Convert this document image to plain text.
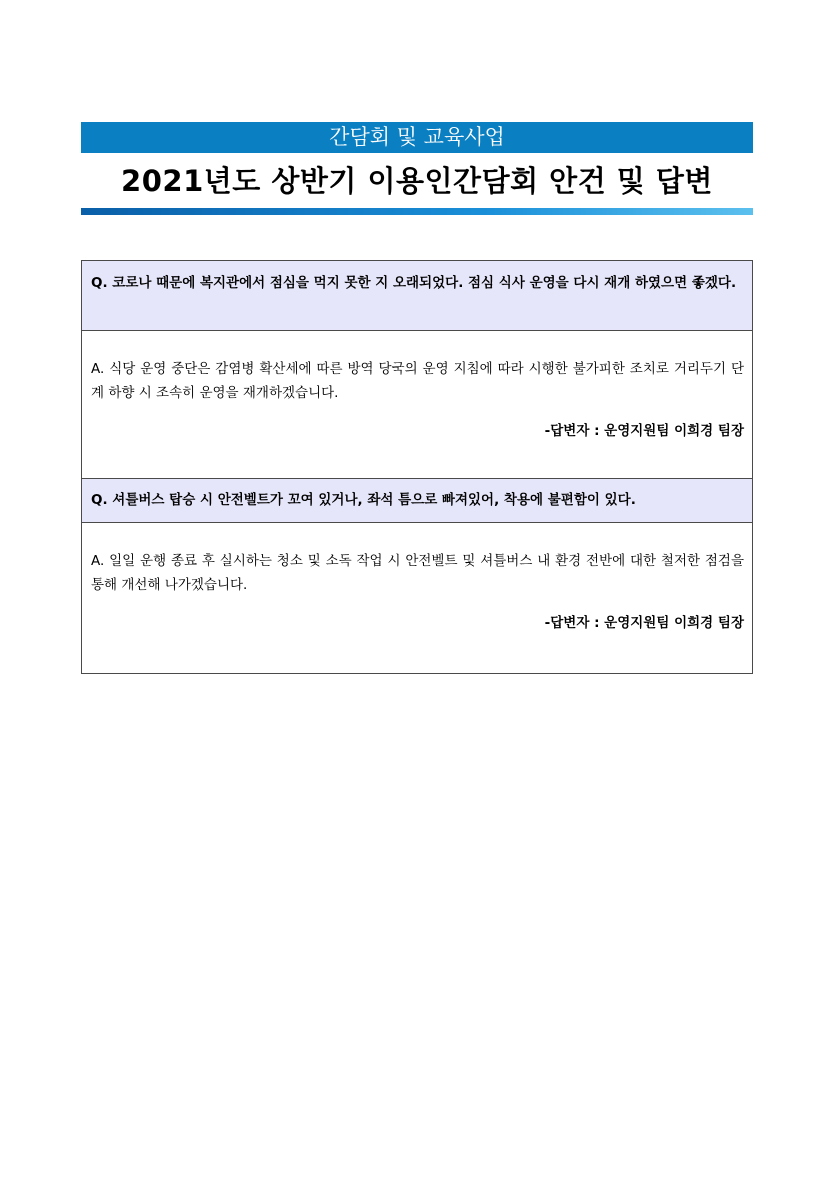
간담회 및 교육사업
2021년도 상반기 이용인간담회 안건 및 답변
Q. 코로나 때문에 복지관에서 점심을 먹지 못한 지 오래되었다. 점심 식사 운영을 다시 재개 하였으면 좋겠다.
A. 식당 운영 중단은 감염병 확산세에 따른 방역 당국의 운영 지침에 따라 시행한 불가피한 조치로 거리두기 단계 하향 시 조속히 운영을 재개하겠습니다.
-답변자 : 운영지원팀 이희경 팀장
Q. 셔틀버스 탑승 시 안전벨트가 꼬여 있거나, 좌석 틈으로 빠져있어, 착용에 불편함이 있다.
A. 일일 운행 종료 후 실시하는 청소 및 소독 작업 시 안전벨트 및 셔틀버스 내 환경 전반에 대한 철저한 점검을 통해 개선해 나가겠습니다.
-답변자 : 운영지원팀 이희경 팀장
